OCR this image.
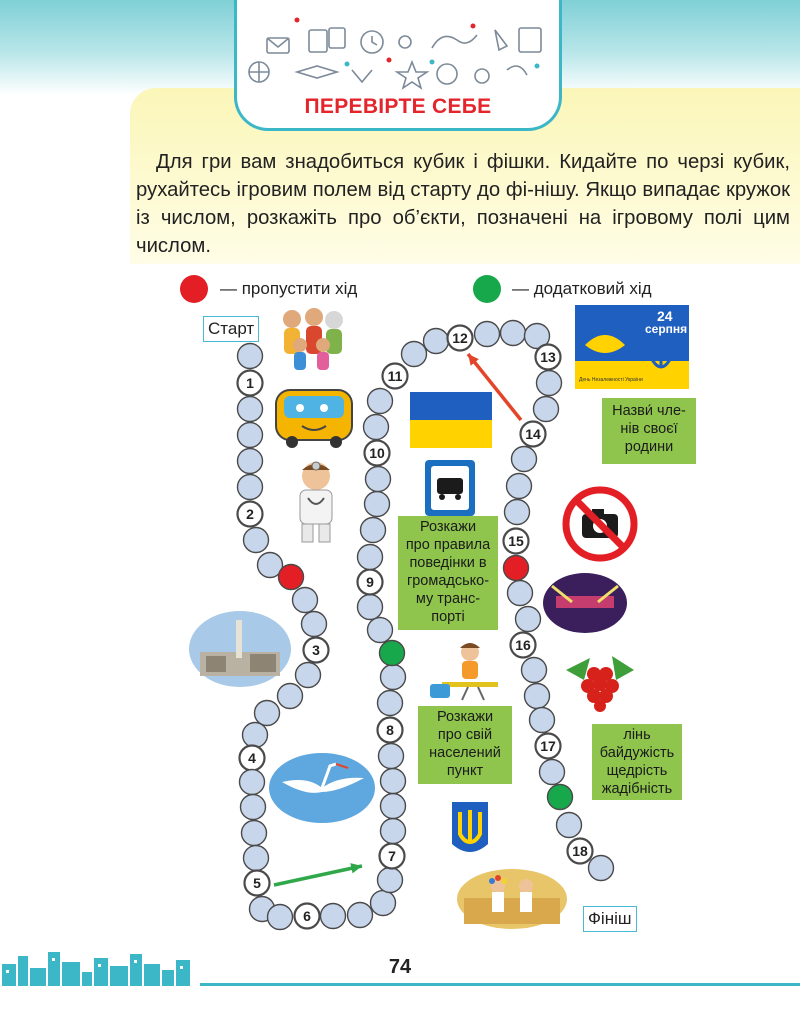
ПЕРЕВІРТЕ СЕБЕ

Для гри вам знадобиться кубик і фішки. Кидайте по черзі кубик, рухайтесь ігровим полем від старту до фі-нішу. Якщо випадає кружок із числом, розкажіть про об’єкти, позначені на ігровому полі цим числом.

— пропустити хід	— додатковий хід
Старт
Фініш
1
2
3
4
5
6
7
8
9
10
11
12
13
14
15
16
17
18
24
серпня
День Незалежності України
Назви́ чле-
нів своєї
родини
Розкажи
про правила
поведінки в
громадсько-
му транс-
порті
Розкажи
про свій
населений
пункт
лінь
байдужість
щедрість
жадібність
74
